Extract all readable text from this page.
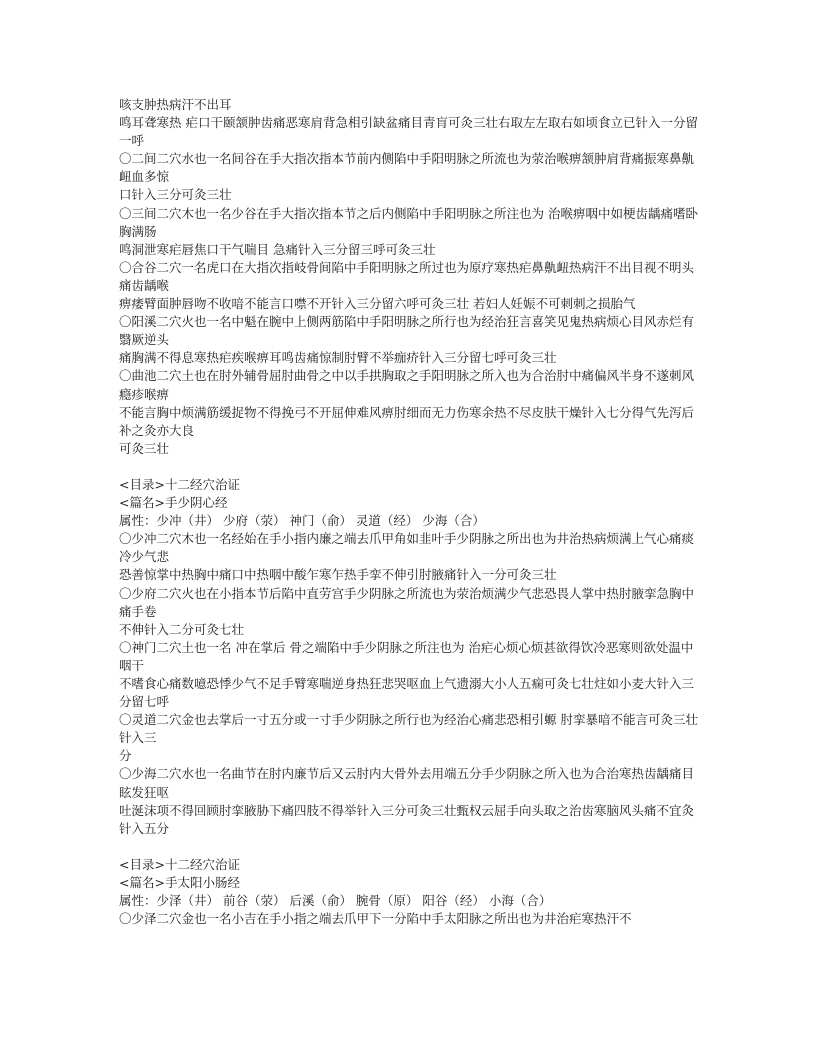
咳支肿热病汗不出耳
鸣耳聋寒热 疟口干颐颔肿齿痛恶寒肩背急相引缺盆痛目青肓可灸三壮右取左左取右如顷食立已针入一分留一呼
〇二间二穴水也一名间谷在手大指次指本节前内侧陷中手阳明脉之所流也为荥治喉痹颔肿肩背痛振寒鼻鼽衄血多惊
口针入三分可灸三壮
〇三间二穴木也一名少谷在手大指次指本节之后内侧陷中手阳明脉之所注也为 治喉痹咽中如梗齿龋痛嗜卧胸满肠
鸣洞泄寒疟唇焦口干气喘目 急痛针入三分留三呼可灸三壮
〇合谷二穴一名虎口在大指次指岐骨间陷中手阳明脉之所过也为原疗寒热疟鼻鼽衄热病汗不出目视不明头痛齿龋喉
痹痿臂面肿唇吻不收喑不能言口噤不开针入三分留六呼可灸三壮 若妇人妊娠不可刺刺之损胎气
〇阳溪二穴火也一名中魁在腕中上侧两筋陷中手阳明脉之所行也为经治狂言喜笑见鬼热病烦心目风赤烂有翳厥逆头
痛胸满不得息寒热疟疾喉痹耳鸣齿痛惊制肘臂不举痂疥针入三分留七呼可灸三壮
〇曲池二穴土也在肘外辅骨屈肘曲骨之中以手拱胸取之手阳明脉之所入也为合治肘中痛偏风半身不遂刺风瘾疹喉痹
不能言胸中烦满筋缓捉物不得挽弓不开屈伸难风痹肘细而无力伤寒余热不尽皮肤干燥针入七分得气先泻后补之灸亦大良
可灸三壮
<目录>十二经穴治证
<篇名>手少阴心经
属性：少冲（井） 少府（荥） 神门（俞） 灵道（经） 少海（合）
〇少冲二穴木也一名经始在手小指内廉之端去爪甲角如韭叶手少阴脉之所出也为井治热病烦满上气心痛痰冷少气悲
恐善惊掌中热胸中痛口中热咽中酸乍寒乍热手挛不伸引肘腋痛针入一分可灸三壮
〇少府二穴火也在小指本节后陷中直劳宫手少阴脉之所流也为荥治烦满少气悲恐畏人掌中热肘腋挛急胸中痛手卷
不伸针入二分可灸七壮
〇神门二穴土也一名 冲在掌后 骨之端陷中手少阴脉之所注也为 治疟心烦心烦甚欲得饮冷恶寒则欲处温中咽干
不嗜食心痛数噫恐悸少气不足手臂寒喘逆身热狂悲哭呕血上气遗溺大小人五痫可灸七壮炷如小麦大针入三分留七呼
〇灵道二穴金也去掌后一寸五分或一寸手少阴脉之所行也为经治心痛悲恐相引螈 肘挛暴喑不能言可灸三壮针入三
分
〇少海二穴水也一名曲节在肘内廉节后又云肘内大骨外去用端五分手少阴脉之所入也为合治寒热齿龋痛目眩发狂呕
吐涎沫项不得回顾肘挛腋胁下痛四肢不得举针入三分可灸三壮甄权云屈手向头取之治齿寒脑风头痛不宜灸针入五分
<目录>十二经穴治证
<篇名>手太阳小肠经
属性：少泽（井） 前谷（荥） 后溪（俞） 腕骨（原） 阳谷（经） 小海（合）
〇少泽二穴金也一名小吉在手小指之端去爪甲下一分陷中手太阳脉之所出也为井治疟寒热汗不
